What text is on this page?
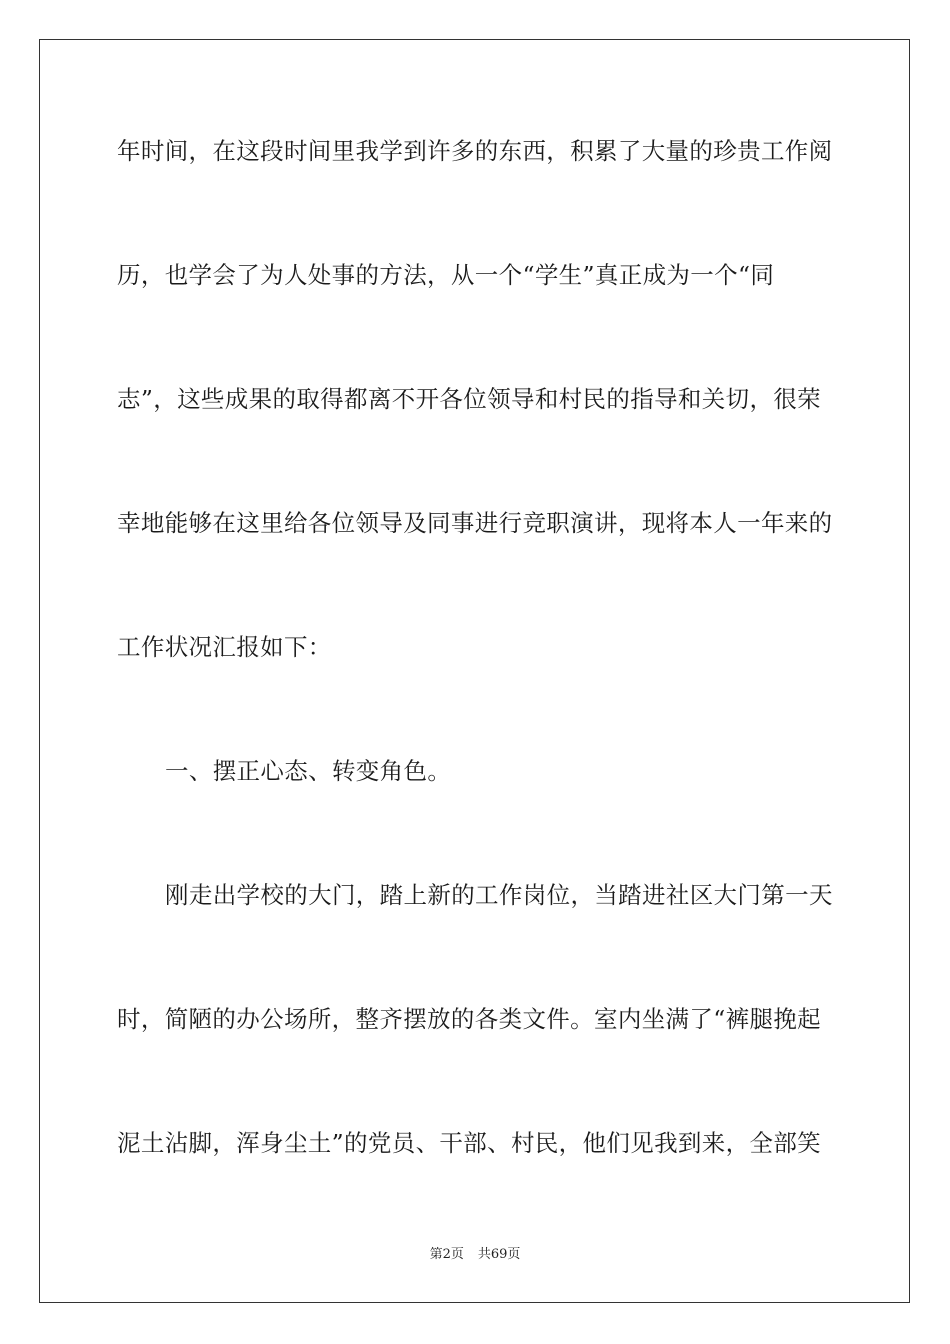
年时间，在这段时间里我学到许多的东西，积累了大量的珍贵工作阅

历，也学会了为人处事的方法，从一个“学生”真正成为一个“同

志”，这些成果的取得都离不开各位领导和村民的指导和关切，很荣

幸地能够在这里给各位领导及同事进行竞职演讲，现将本人一年来的

工作状况汇报如下：

一、摆正心态、转变角色。

刚走出学校的大门，踏上新的工作岗位，当踏进社区大门第一天

时，简陋的办公场所，整齐摆放的各类文件。室内坐满了“裤腿挽起

泥土沾脚，浑身尘土”的党员、干部、村民，他们见我到来，全部笑

第2页 共69页
